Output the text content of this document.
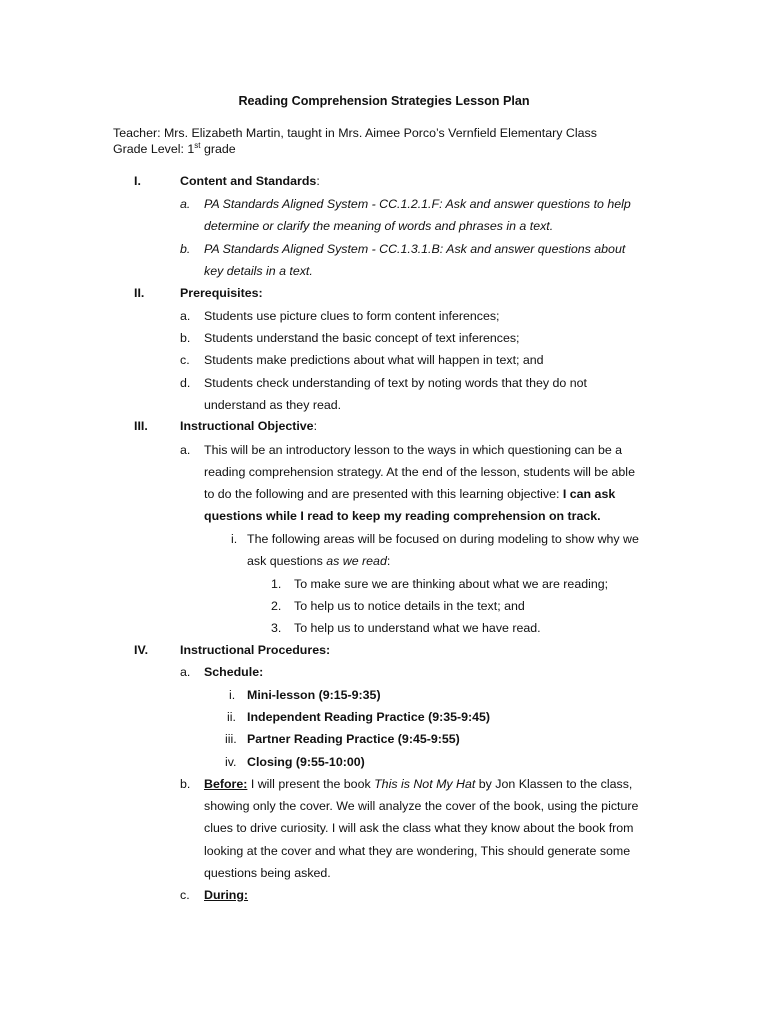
Reading Comprehension Strategies Lesson Plan
Teacher: Mrs. Elizabeth Martin, taught in Mrs. Aimee Porco’s Vernfield Elementary Class
Grade Level: 1st grade
I.	Content and Standards:
a. PA Standards Aligned System - CC.1.2.1.F: Ask and answer questions to help
determine or clarify the meaning of words and phrases in a text.
b. PA Standards Aligned System - CC.1.3.1.B: Ask and answer questions about
key details in a text.
II.	Prerequisites:
a. Students use picture clues to form content inferences;
b. Students understand the basic concept of text inferences;
c. Students make predictions about what will happen in text; and
d. Students check understanding of text by noting words that they do not
understand as they read.
III.	Instructional Objective:
a. This will be an introductory lesson to the ways in which questioning can be a
reading comprehension strategy. At the end of the lesson, students will be able
to do the following and are presented with this learning objective: I can ask
questions while I read to keep my reading comprehension on track.
i. The following areas will be focused on during modeling to show why we
ask questions as we read:
1. To make sure we are thinking about what we are reading;
2. To help us to notice details in the text; and
3. To help us to understand what we have read.
IV.	Instructional Procedures:
a. Schedule:
i. Mini-lesson (9:15-9:35)
ii. Independent Reading Practice (9:35-9:45)
iii. Partner Reading Practice (9:45-9:55)
iv. Closing (9:55-10:00)
b. Before: I will present the book This is Not My Hat by Jon Klassen to the class,
showing only the cover. We will analyze the cover of the book, using the picture
clues to drive curiosity. I will ask the class what they know about the book from
looking at the cover and what they are wondering, This should generate some
questions being asked.
c. During:
